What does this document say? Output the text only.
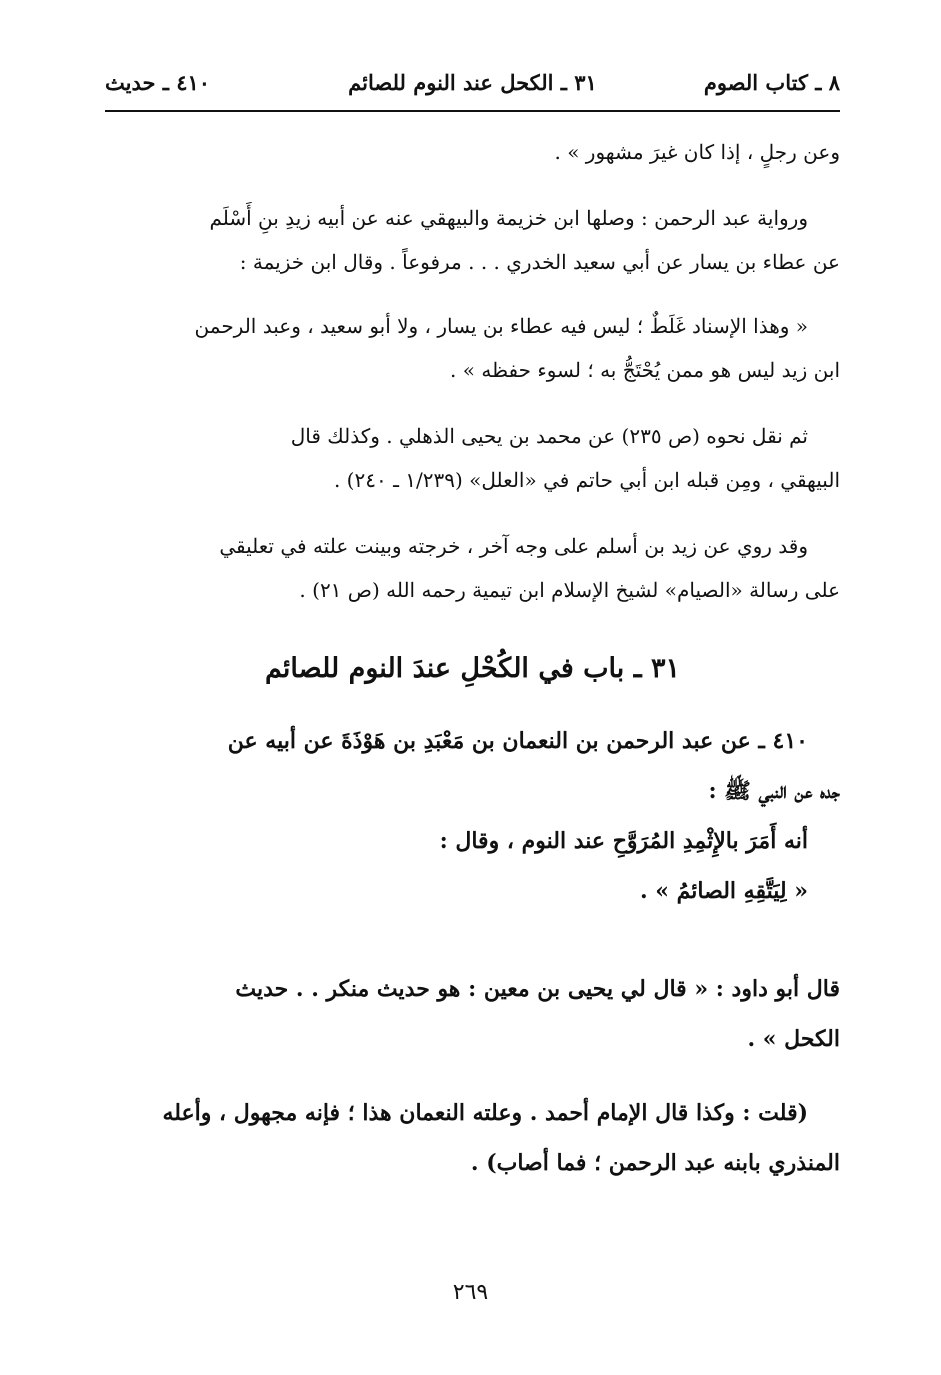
٨ ـ كتاب الصوم
٣١ ـ الكحل عند النوم للصائم
٤١٠ ـ حديث
وعن رجلٍ ، إذا كان غيرَ مشهور » .
ورواية عبد الرحمن : وصلها ابن خزيمة والبيهقي عنه عن أبيه زيدِ بنِ أَسْلَم
عن عطاء بن يسار عن أبي سعيد الخدري . . . مرفوعاً . وقال ابن خزيمة :
« وهذا الإسناد غَلَطٌ ؛ ليس فيه عطاء بن يسار ، ولا أبو سعيد ، وعبد الرحمن
ابن زيد ليس هو ممن يُحْتَجُّ به ؛ لسوء حفظه » .
ثم نقل نحوه (ص ٢٣٥) عن محمد بن يحيى الذهلي . وكذلك قال
البيهقي ، ومِن قبله ابن أبي حاتم في «العلل» (١/٢٣٩ ـ ٢٤٠) .
وقد روي عن زيد بن أسلم على وجه آخر ، خرجته وبينت علته في تعليقي
على رسالة «الصيام» لشيخ الإسلام ابن تيمية رحمه الله (ص ٢١) .
٣١ ـ باب في الكُحْلِ عندَ النوم للصائم
٤١٠ ـ عن عبد الرحمن بن النعمان بن مَعْبَدِ بن هَوْذَةَ عن أبيه عن
جده عن النبي ﷺ :
أنه أَمَرَ بالإِثْمِدِ المُرَوَّحِ عند النوم ، وقال :
« لِيَتَّقِهِ الصائمُ » .
قال أبو داود : « قال لي يحيى بن معين : هو حديث منكر . . حديث
الكحل » .
(قلت : وكذا قال الإمام أحمد . وعلته النعمان هذا ؛ فإنه مجهول ، وأعله
المنذري بابنه عبد الرحمن ؛ فما أصاب) .
٢٦٩
